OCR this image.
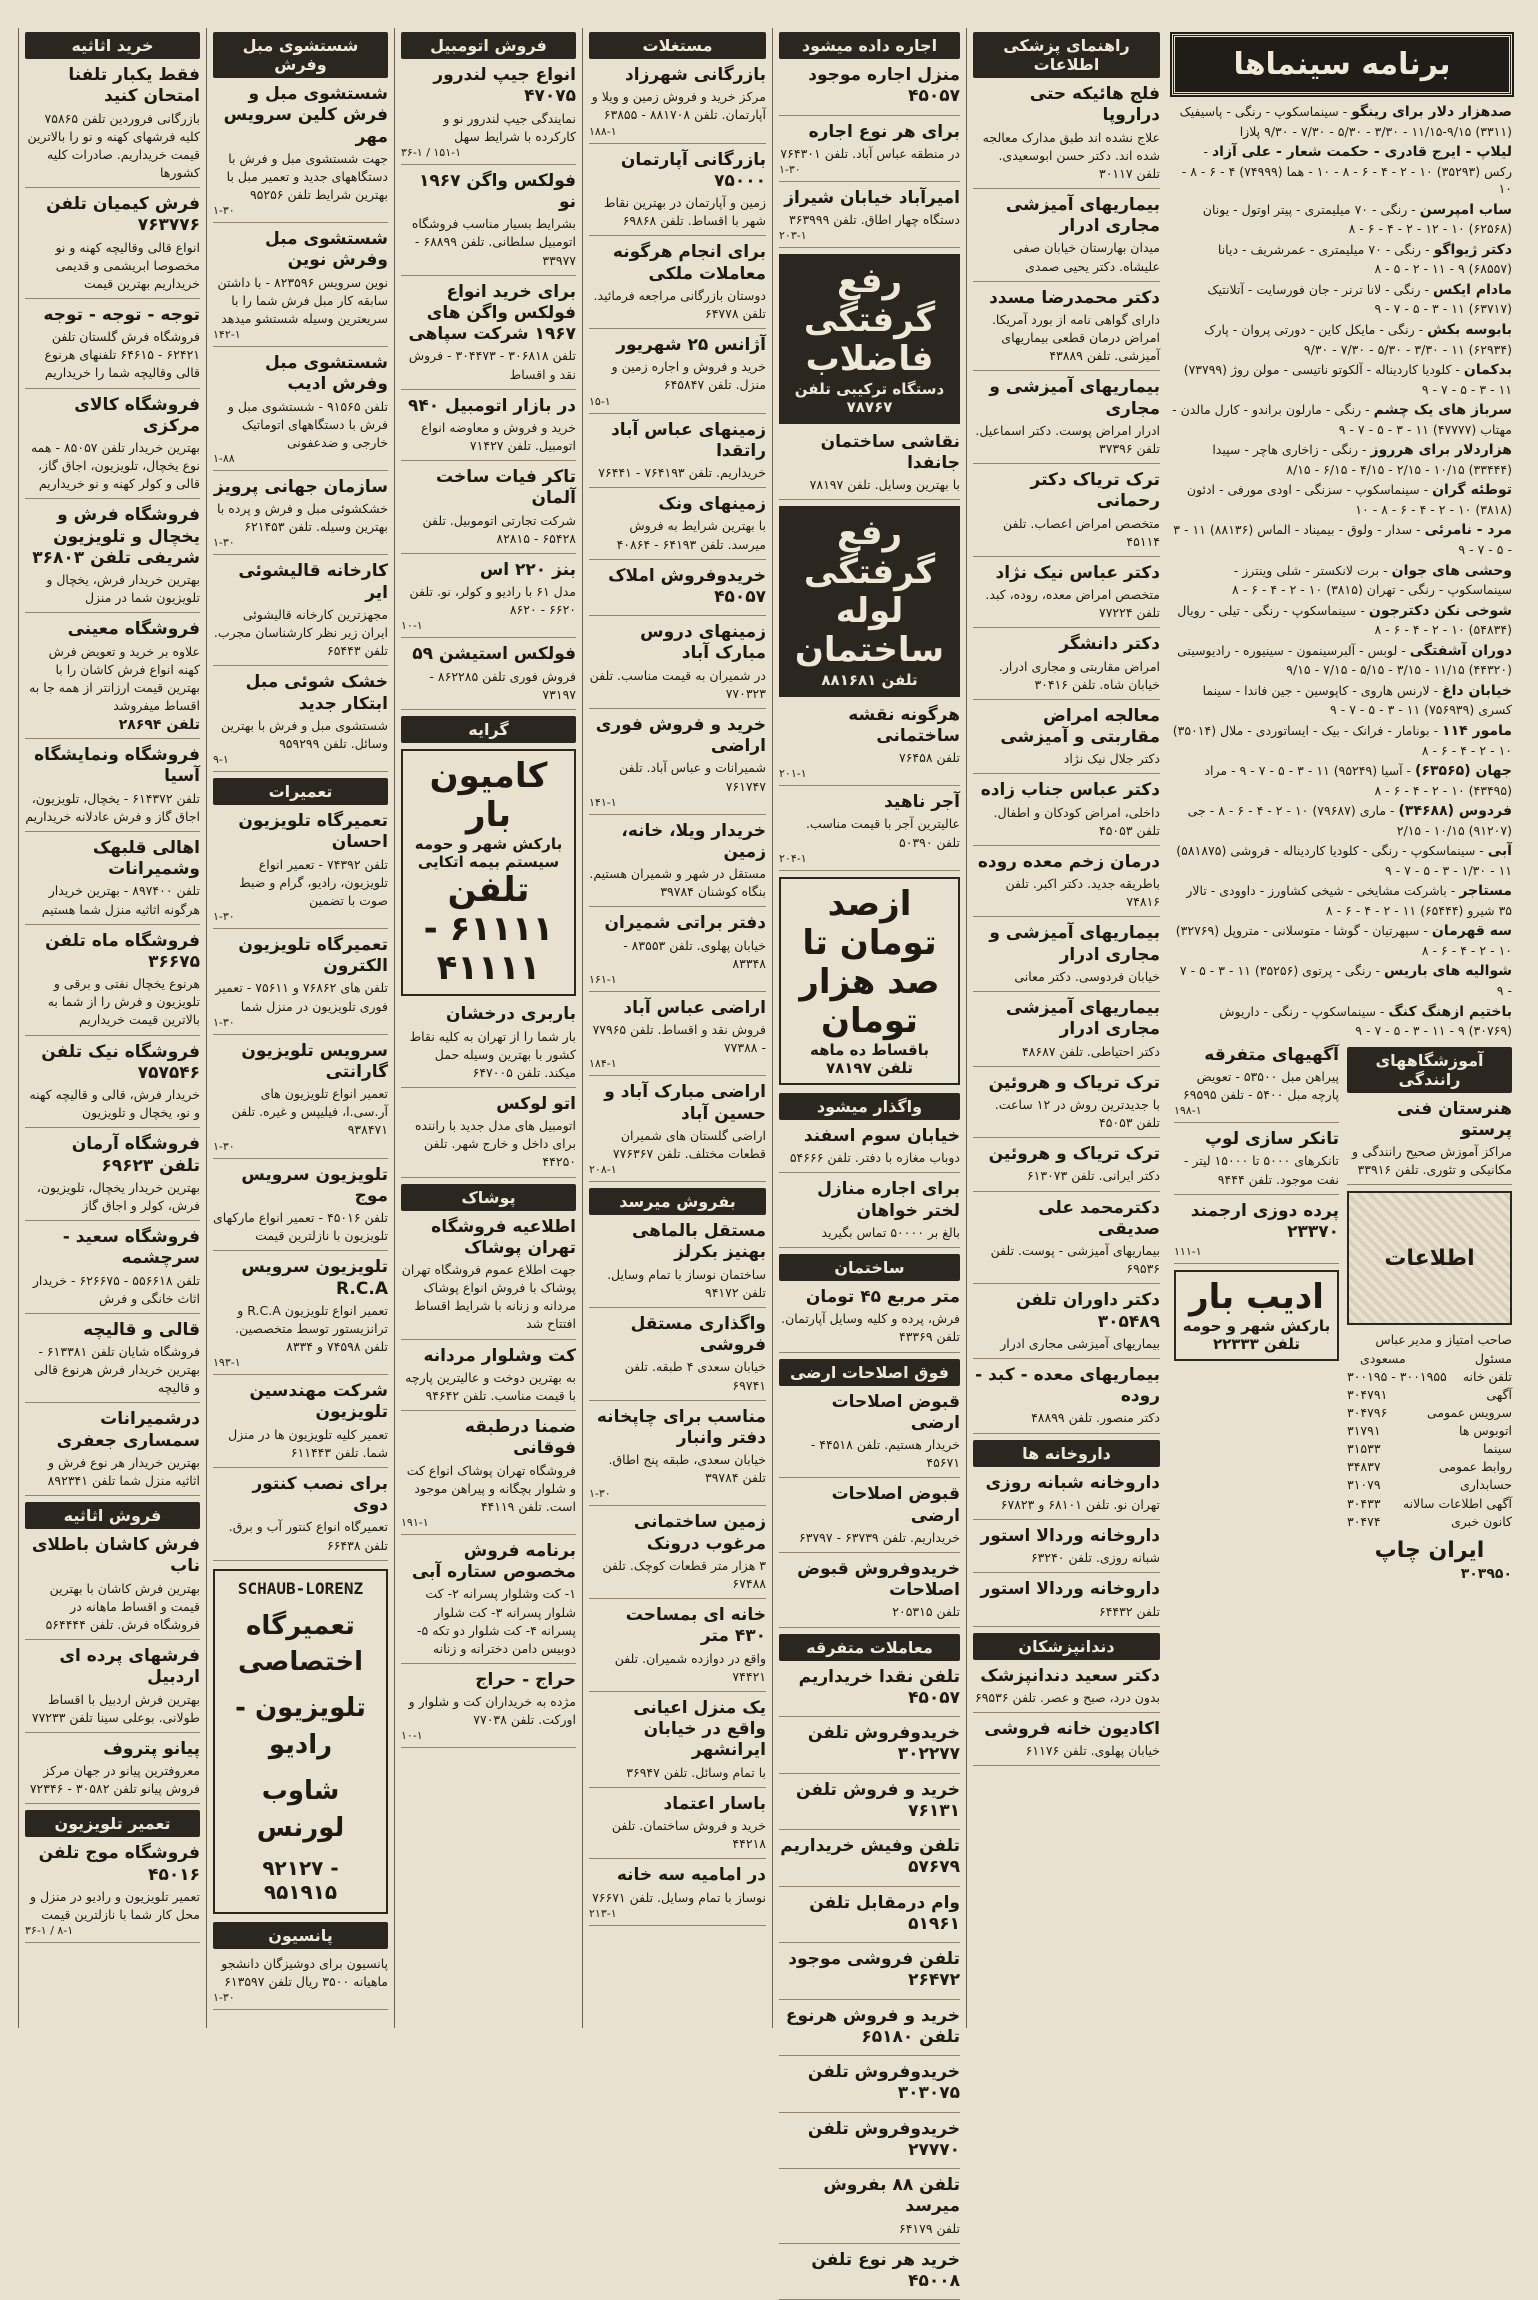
خرید اثاثیه
فقط یکبار تلفنا امتحان کنید
بازرگانی فروردین تلفن ۷۵۸۶۵ کلیه فرشهای کهنه و نو را بالاترین قیمت خریداریم. صادرات کلیه کشورها
فرش کیمیان تلفن ۷۶۳۷۷۶
انواع قالی وقالیچه کهنه و نو مخصوصا ابریشمی و قدیمی خریداریم بهترین قیمت
توجه - توجه - توجه
فروشگاه فرش گلستان تلفن ۶۲۴۲۱ - ۶۴۶۱۵ تلفنهای هرنوع قالی وقالیچه شما را خریداریم
فروشگاه کالای مرکزی
بهترین خریدار تلفن ۸۵۰۵۷ - همه نوع یخچال، تلویزیون، اجاق گاز، قالی و کولر کهنه و نو خریداریم
فروشگاه فرش و یخچال و تلویزیون شریفی تلفن ۳۶۸۰۳
بهترین خریدار فرش، یخچال و تلویزیون شما در منزل
فروشگاه معینی
علاوه بر خرید و تعویض فرش کهنه انواع فرش کاشان را با بهترین قیمت ارزانتر از همه جا به اقساط میفروشد
تلفن ۲۸۶۹۴
فروشگاه ونمایشگاه آسیا
تلفن ۶۱۴۳۷۲ - یخچال، تلویزیون، اجاق گاز و فرش عادلانه خریداریم
اهالی قلبهک وشمیرانات
تلفن ۸۹۷۴۰۰ - بهترین خریدار هرگونه اثاثیه منزل شما هستیم
فروشگاه ماه تلفن ۳۶۶۷۵
هرنوع یخچال نفتی و برقی و تلویزیون و فرش را از شما به بالاترین قیمت خریداریم
فروشگاه نیک تلفن ۷۵۷۵۴۶
خریدار فرش، قالی و قالیچه کهنه و نو، یخچال و تلویزیون
فروشگاه آرمان تلفن ۶۹۶۲۳
بهترین خریدار یخچال، تلویزیون، فرش، کولر و اجاق گاز
فروشگاه سعید - سرچشمه
تلفن ۵۵۶۶۱۸ - ۶۲۶۶۷۵ - خریدار اثاث خانگی و فرش
قالی و قالیچه
فروشگاه شایان تلفن ۶۱۳۳۸۱ - بهترین خریدار فرش هرنوع قالی و قالیچه
درشمیرانات سمساری جعفری
بهترین خریدار هر نوع فرش و اثاثیه منزل شما تلفن ۸۹۲۳۴۱
فروش اثاثیه
فرش کاشان باطلای ناب
بهترین فرش کاشان با بهترین قیمت و اقساط ماهانه در فروشگاه فرش. تلفن ۵۶۴۴۴۴
فرشهای پرده ای اردبیل
بهترین فرش اردبیل با اقساط طولانی. بوعلی سینا تلفن ۷۷۲۳۳
پیانو پتروف
معروفترین پیانو در جهان مرکز فروش پیانو تلفن ۳۰۵۸۲ - ۷۲۳۴۶
تعمیر تلویزیون
فروشگاه موج تلفن ۴۵۰۱۶
تعمیر تلویزیون و رادیو در منزل و محل کار شما با نازلترین قیمت
۳۶-۱ / ۸-۱
شستشوی مبل وفرش
شستشوی مبل و فرش کلین سرویس مهر
جهت شستشوی مبل و فرش با دستگاههای جدید و تعمیر مبل با بهترین شرایط تلفن ۹۵۲۵۶
۱-۳۰
شستشوی مبل وفرش نوین
نوین سرویس ۸۲۳۵۹۶ - با داشتن سابقه کار مبل فرش شما را با سریعترین وسیله شستشو میدهد
۱۴۲-۱
شستشوی مبل وفرش ادیب
تلفن ۹۱۵۶۵ - شستشوی مبل و فرش با دستگاههای اتوماتیک خارجی و ضدعفونی
۱-۸۸
سازمان جهانی پرویز
خشکشوئی مبل و فرش و پرده با بهترین وسیله. تلفن ۶۲۱۴۵۳
۱-۳۰
کارخانه قالیشوئی ایر
مجهزترین کارخانه قالیشوئی ایران زیر نظر کارشناسان مجرب. تلفن ۶۵۴۴۳
خشک شوئی مبل ابتکار جدید
شستشوی مبل و فرش با بهترین وسائل. تلفن ۹۵۹۲۹۹
۹-۱
تعمیرات
تعمیرگاه تلویزیون احسان
تلفن ۷۴۳۹۲ - تعمیر انواع تلویزیون، رادیو، گرام و ضبط صوت با تضمین
۱-۳۰
تعمیرگاه تلویزیون الکترون
تلفن های ۷۶۸۶۲ و ۷۵۶۱۱ - تعمیر فوری تلویزیون در منزل شما
۱-۳۰
سرویس تلویزیون گارانتی
تعمیر انواع تلویزیون های آر.سی.ا، فیلیپس و غیره. تلفن ۹۳۸۴۷۱
۱-۳۰
تلویزیون سرویس موج
تلفن ۴۵۰۱۶ - تعمیر انواع مارکهای تلویزیون با نازلترین قیمت
تلویزیون سرویس R.C.A
تعمیر انواع تلویزیون R.C.A و ترانزیستور توسط متخصصین. تلفن ۷۴۵۹۸ و ۸۳۳۴
۱۹۳-۱
شرکت مهندسین تلویزیون
تعمیر کلیه تلویزیون ها در منزل شما. تلفن ۶۱۱۴۴۳
برای نصب کنتور دوی
تعمیرگاه انواع کنتور آب و برق. تلفن ۶۶۴۳۸
SCHAUB-LORENZ
تعمیرگاه اختصاصی
تلویزیون - رادیو
شاوب لورنس
۹۲۱۲۷ - ۹۵۱۹۱۵
پانسیون
پانسیون برای دوشیزگان دانشجو ماهیانه ۳۵۰۰ ریال تلفن ۶۱۳۵۹۷
۱-۳۰
فروش اتومبیل
انواع جیپ لندرور ۴۷۰۷۵
نمایندگی جیپ لندرور نو و کارکرده با شرایط سهل
۳۶-۱ / ۱۵۱-۱
فولکس واگن ۱۹۶۷ نو
بشرایط بسیار مناسب فروشگاه اتومبیل سلطانی. تلفن ۶۸۸۹۹ - ۳۳۹۷۷
برای خرید انواع فولکس واگن های ۱۹۶۷ شرکت سپاهی
تلفن ۳۰۶۸۱۸ - ۳۰۴۴۷۳ - فروش نقد و اقساط
در بازار اتومبیل ۹۴۰
خرید و فروش و معاوضه انواع اتومبیل. تلفن ۷۱۴۲۷
تاکر فیات ساخت آلمان
شرکت تجارتی اتوموبیل. تلفن ۶۵۴۲۸ - ۸۲۸۱۵
بنز ۲۲۰ اس
مدل ۶۱ با رادیو و کولر، نو. تلفن ۶۶۲۰ - ۸۶۲۰
۱۰-۱
فولکس استیشن ۵۹
فروش فوری تلفن ۸۶۲۲۸۵ - ۷۳۱۹۷
گرایه
کامیون بار
بارکش شهر و حومه
سیستم بیمه اتکایی
تلفن ۶۱۱۱۱ - ۴۱۱۱۱
باربری درخشان
بار شما را از تهران به کلیه نقاط کشور با بهترین وسیله حمل میکند. تلفن ۶۴۷۰۰۵
اتو لوکس
اتومبیل های مدل جدید با راننده برای داخل و خارج شهر. تلفن ۴۴۲۵۰
پوشاک
اطلاعیه فروشگاه تهران پوشاک
جهت اطلاع عموم فروشگاه تهران پوشاک با فروش انواع پوشاک مردانه و زنانه با شرایط اقساط افتتاح شد
کت وشلوار مردانه
به بهترین دوخت و عالیترین پارچه با قیمت مناسب. تلفن ۹۴۶۴۲
ضمنا درطبقه فوقانی
فروشگاه تهران پوشاک انواع کت و شلوار بچگانه و پیراهن موجود است. تلفن ۴۴۱۱۹
۱۹۱-۱
برنامه فروش مخصوص ستاره آبی
۱- کت وشلوار پسرانه ۲- کت شلوار پسرانه ۳- کت شلوار پسرانه ۴- کت شلوار دو تکه ۵- دوبیس دامن دخترانه و زنانه
حراج - حراج
مژده به خریداران کت و شلوار و اورکت. تلفن ۷۷۰۳۸
۱۰-۱
مستغلات
بازرگانی شهرزاد
مرکز خرید و فروش زمین و ویلا و آپارتمان. تلفن ۸۸۱۷۰۸ - ۶۳۸۵۵
۱۸۸-۱
بازرگانی آپارتمان ۷۵۰۰۰
زمین و آپارتمان در بهترین نقاط شهر با اقساط. تلفن ۶۹۸۶۸
برای انجام هرگونه معاملات ملکی
دوستان بازرگانی مراجعه فرمائید. تلفن ۶۴۷۷۸
آژانس ۲۵ شهریور
خرید و فروش و اجاره زمین و منزل. تلفن ۶۴۵۸۴۷
۱۵-۱
زمینهای عباس آباد راتقدا
خریداریم. تلفن ۷۶۴۱۹۳ - ۷۶۴۴۱
زمینهای ونک
با بهترین شرایط به فروش میرسد. تلفن ۶۴۱۹۳ - ۴۰۸۶۴
خریدوفروش املاک ۴۵۰۵۷
زمینهای دروس مبارک آباد
در شمیران به قیمت مناسب. تلفن ۷۷۰۳۲۳
خرید و فروش فوری اراضی
شمیرانات و عباس آباد. تلفن ۷۶۱۷۴۷
۱۴۱-۱
خریدار ویلا، خانه، زمین
مستقل در شهر و شمیران هستیم. بنگاه کوشنان ۳۹۷۸۴
دفتر براتی شمیران
خیابان پهلوی. تلفن ۸۳۵۵۳ - ۸۳۳۴۸
۱۶۱-۱
اراضی عباس آباد
فروش نقد و اقساط. تلفن ۷۷۹۶۵ - ۷۷۳۸۸
۱۸۴-۱
اراضی مبارک آباد و حسین آباد
اراضی گلستان های شمیران قطعات مختلف. تلفن ۷۷۶۳۶۷
۲۰۸-۱
بفروش میرسد
مستقل بالماهی بهنیز بکرلز
ساختمان نوساز با تمام وسایل. تلفن ۹۴۱۷۲
واگذاری مستقل فروشی
خیابان سعدی ۴ طبقه. تلفن ۶۹۷۴۱
مناسب برای چاپخانه دفتر وانبار
خیابان سعدی، طبقه پنج اطاق. تلفن ۳۹۷۸۴
۱-۳۰
زمین ساختمانی مرغوب درونک
۳ هزار متر قطعات کوچک. تلفن ۶۷۴۸۸
خانه ای بمساحت ۴۳۰ متر
واقع در دوازده شمیران. تلفن ۷۴۴۲۱
یک منزل اعیانی واقع در خیابان ایرانشهر
با تمام وسائل. تلفن ۳۶۹۴۷
باسار اعتماد
خرید و فروش ساختمان. تلفن ۴۴۲۱۸
در امامیه سه خانه
نوساز با تمام وسایل. تلفن ۷۶۶۷۱
۲۱۳-۱
اجاره داده میشود
منزل اجاره موجود ۴۵۰۵۷
برای هر نوع اجاره
در منطقه عباس آباد. تلفن ۷۶۴۳۰۱
۱-۳۰
امیرآباد خیابان شیراز
دستگاه چهار اطاق. تلفن ۳۶۳۹۹۹
۲۰۳-۱
رفع گرفتگی فاضلاب
دستگاه ترکیبی تلفن ۷۸۷۶۷
نقاشی ساختمان جانفدا
با بهترین وسایل. تلفن ۷۸۱۹۷
رفع گرفتگی لوله ساختمان
تلفن ۸۸۱۶۸۱
هرگونه نقشه ساختمانی
تلفن ۷۶۴۵۸
۲۰۱-۱
آجر ناهید
عالیترین آجر با قیمت مناسب. تلفن ۵۰۳۹۰
۲۰۴-۱
ازصد تومان تا صد هزار تومان
باقساط ده ماهه
تلفن ۷۸۱۹۷
واگذار میشود
خیابان سوم اسفند
دوباب مغازه با دفتر. تلفن ۵۴۶۶۶
برای اجاره منازل لختر خواهان
بالغ بر ۵۰۰۰۰ تماس بگیرید
ساختمان
متر مربع ۴۵ تومان
فرش، پرده و کلیه وسایل آپارتمان. تلفن ۴۳۳۶۹
فوق اصلاحات ارضی
قبوض اصلاحات ارضی
خریدار هستیم. تلفن ۴۴۵۱۸ - ۴۵۶۷۱
قبوض اصلاحات ارضی
خریداریم. تلفن ۶۳۷۳۹ - ۶۳۷۹۷
خریدوفروش قبوض اصلاحات
تلفن ۲۰۵۳۱۵
معاملات متفرقه
تلفن نقدا خریداریم ۴۵۰۵۷
خریدوفروش تلفن ۳۰۲۲۷۷
خرید و فروش تلفن ۷۶۱۳۱
تلفن وفیش خریداریم ۵۷۶۷۹
وام درمقابل تلفن ۵۱۹۶۱
تلفن فروشی موجود ۲۶۴۷۲
خرید و فروش هرنوع تلفن ۶۵۱۸۰
خریدوفروش تلفن ۳۰۳۰۷۵
خریدوفروش تلفن ۲۷۷۷۰
تلفن ۸۸ بفروش میرسد
تلفن ۶۴۱۷۹
خرید هر نوع تلفن ۴۵۰۰۸
راهنمای پزشکی اطلاعات
فلج هائیکه حتی دراروپا
علاج نشده اند طبق مدارک معالجه شده اند. دکتر حسن ابوسعیدی. تلفن ۳۰۱۱۷
بیماریهای آمیزشی مجاری ادرار
میدان بهارستان خیابان صفی علیشاه. دکتر یحیی صمدی
دکتر محمدرضا مسدد
دارای گواهی نامه از بورد آمریکا. امراض درمان قطعی بیماریهای آمیزشی. تلفن ۴۳۸۸۹
بیماریهای آمیزشی و مجاری
ادرار امراض پوست. دکتر اسماعیل. تلفن ۳۷۳۹۶
ترک تریاک دکتر رحمانی
متخصص امراض اعصاب. تلفن ۴۵۱۱۴
دکتر عباس نیک نژاد
متخصص امراض معده، روده، کبد. تلفن ۷۷۲۲۴
دکتر دانشگر
امراض مقاربتی و مجاری ادرار. خیابان شاه. تلفن ۳۰۴۱۶
معالجه امراض مقاربتی و آمیزشی
دکتر جلال نیک نژاد
دکتر عباس جناب زاده
داخلی، امراض کودکان و اطفال. تلفن ۴۵۰۵۳
درمان زخم معده روده
باطریقه جدید. دکتر اکبر. تلفن ۷۴۸۱۶
بیماریهای آمیزشی و مجاری ادرار
خیابان فردوسی. دکتر معانی
بیماریهای آمیزشی مجاری ادرار
دکتر احتیاطی. تلفن ۴۸۶۸۷
ترک تریاک و هروئین
با جدیدترین روش در ۱۲ ساعت. تلفن ۴۵۰۵۳
ترک تریاک و هروئین
دکتر ایرانی. تلفن ۶۱۳۰۷۳
دکترمحمد علی صدیقی
بیماریهای آمیزشی - پوست. تلفن ۶۹۵۳۶
دکتر داوران تلفن ۳۰۵۴۸۹
بیماریهای آمیزشی مجاری ادرار
بیماریهای معده - کبد - روده
دکتر منصور. تلفن ۴۸۸۹۹
داروخانه ها
داروخانه شبانه روزی
تهران نو. تلفن ۶۸۱۰۱ و ۶۷۸۲۳
داروخانه وردالا استور
شبانه روزی. تلفن ۶۳۲۴۰
داروخانه وردالا استور
تلفن ۶۴۴۳۲
دندانپزشکان
دکتر سعید دندانپزشک
بدون درد، صبح و عصر. تلفن ۶۹۵۳۶
اکادیون خانه فروشی
خیابان پهلوی. تلفن ۶۱۱۷۶
برنامه سینماها
صدهزار دلار برای رینگو - سینماسکوپ - رنگی - پاسیفیک (۳۳۱۱) ۹/۱۵-۱۱/۱۵ - ۳/۳۰ - ۵/۳۰ - ۷/۳۰ - ۹/۳۰ پلازا
لیلاپ - ایرج قادری - حکمت شعار - علی آزاد - رکس (۳۵۲۹۳) ۱۰ - ۲ - ۴ - ۶ - ۸ - ۱۰ - هما (۷۴۹۹۹) ۴ - ۶ - ۸ - ۱۰
ساب امپرسن - رنگی - ۷۰ میلیمتری - پیتر اوتول - یونان (۶۲۵۶۸) ۱۰ - ۱۲ - ۲ - ۴ - ۶ - ۸
دکتر ژیواگو - رنگی - ۷۰ میلیمتری - عمرشریف - دیانا (۶۸۵۵۷) ۹ - ۱۱ - ۲ - ۵ - ۸
مادام ایکس - رنگی - لانا ترنر - جان فورسایت - آتلانتیک (۶۳۷۱۷) ۱۱ - ۳ - ۵ - ۷ - ۹
بابوسه بکش - رنگی - مایکل کاین - دورتی پروان - پارک (۶۲۹۳۴) ۱۱ - ۳/۳۰ - ۵/۳۰ - ۷/۳۰ - ۹/۳۰
بدکمان - کلودیا کاردیناله - آلکوتو ناتیسی - مولن روژ (۷۳۷۹۹) ۱۱ - ۳ - ۵ - ۷ - ۹
سرباز های یک چشم - رنگی - مارلون براندو - کارل مالدن - مهتاب (۴۷۷۷۷) ۱۱ - ۳ - ۵ - ۷ - ۹
هزاردلار برای هرروز - رنگی - زاخاری هاچر - سپیدا (۳۳۴۴۴) ۱۰/۱۵ - ۲/۱۵ - ۴/۱۵ - ۶/۱۵ - ۸/۱۵
توطئه گران - سینماسکوپ - سزنگی - اودی مورفی - ادئون (۳۸۱۸) ۱۰ - ۲ - ۴ - ۶ - ۸ - ۱۰
مرد - نامرئی - سدار - ولوق - بیمیناد - الماس (۸۸۱۳۶) ۱۱ - ۳ - ۵ - ۷ - ۹
وحشی های جوان - برت لانکستر - شلی وینترز - سینماسکوپ - رنگی - تهران (۳۸۱۵) ۱۰ - ۲ - ۴ - ۶ - ۸
شوخی نکن دکترجون - سینماسکوپ - رنگی - تیلی - رویال (۵۴۸۳۴) ۱۰ - ۲ - ۴ - ۶ - ۸
دوران آشفتگی - لوبس - آلبرسینمون - سینیوره - رادیوسیتی (۴۴۳۲۰) ۱۱/۱۵ - ۳/۱۵ - ۵/۱۵ - ۷/۱۵ - ۹/۱۵
خیابان داغ - لارنس هاروی - کاپوسین - جین فاندا - سینما کسری (۷۵۶۹۳۹) ۱۱ - ۳ - ۵ - ۷ - ۹
مامور ۱۱۴ - بونامار - فرانک - بیک - ایساتوردی - ملال (۳۵۰۱۴) ۱۰ - ۲ - ۴ - ۶ - ۸
جهان (۶۳۵۶۵) - آسیا (۹۵۲۴۹) ۱۱ - ۳ - ۵ - ۷ - ۹ - مراد (۴۳۴۹۵) ۱۰ - ۲ - ۴ - ۶ - ۸
فردوس (۳۴۶۸۸) - ماری (۷۹۶۸۷) ۱۰ - ۲ - ۴ - ۶ - ۸ - جی (۹۱۲۰۷) ۱۰/۱۵ - ۲/۱۵
آبی - سینماسکوپ - رنگی - کلودیا کاردیناله - فروشی (۵۸۱۸۷۵) ۱۱ - ۱/۳۰ - ۳ - ۵ - ۷ - ۹
مستاجر - باشرکت مشایخی - شیخی کشاورز - داوودی - تالار ۳۵ شیرو (۶۵۴۴۴) ۱۱ - ۲ - ۴ - ۶ - ۸
سه قهرمان - سپهرتیان - گوشا - متوسلانی - متروپل (۳۲۷۶۹) ۱۰ - ۲ - ۴ - ۶ - ۸
شوالیه های باریس - رنگی - پرتوی (۳۵۲۵۶) ۱۱ - ۳ - ۵ - ۷ - ۹
باختیم ازهنگ کنگ - سینماسکوپ - رنگی - داریوش (۳۰۷۶۹) ۹ - ۱۱ - ۳ - ۵ - ۷ - ۹
آموزشگاههای رانندگی
هنرستان فنی پرستو
مراکز آموزش صحیح رانندگی و مکانیکی و تئوری. تلفن ۳۳۹۱۶
اطلاعات
صاحب امتیاز و مدیر مسئول
عباس مسعودی
تلفن خانه
۳۰۰۱۹۵۵ - ۳۰۰۱۹۵
آگهی
۳۰۴۷۹۱
سرویس عمومی
۳۰۴۷۹۶
اتوبوس ها
۳۱۷۹۱
سینما
۳۱۵۳۳
روابط عمومی
۳۴۸۳۷
حسابداری
۳۱۰۷۹
آگهی اطلاعات سالانه
۳۰۴۳۳
کانون خبری
۳۰۴۷۴
ایران چاپ
۳۰۳۹۵۰
آگهیهای متفرقه
پیراهن مبل ۵۳۵۰۰ - تعویض پارچه مبل ۵۴۰۰ - تلفن ۶۹۵۹۵
۱۹۸-۱
تانکر سازی لوپ
تانکرهای ۵۰۰۰ تا ۱۵۰۰۰ لیتر - نفت موجود. تلفن ۹۴۴۴
پرده دوزی ارجمند ۲۳۳۷۰
۱۱۱-۱
ادیب بار
بارکش شهر و حومه
تلفن ۲۲۳۳۳
